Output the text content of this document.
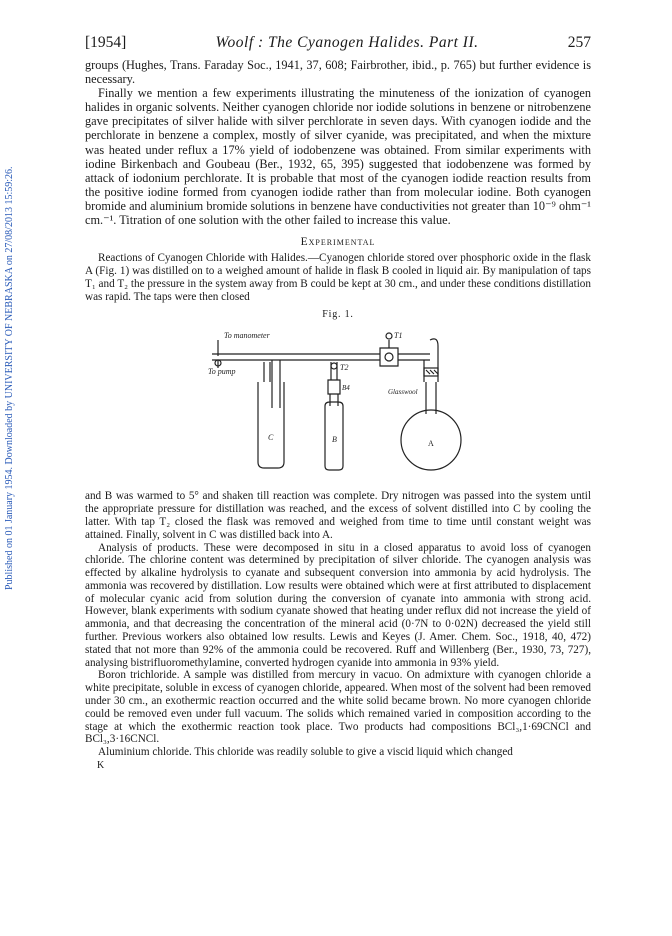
Published on 01 January 1954. Downloaded by UNIVERSITY OF NEBRASKA on 27/08/2013 15:59:26.
[1954]	Woolf : The Cyanogen Halides. Part II.	257

groups (Hughes, Trans. Faraday Soc., 1941, 37, 608; Fairbrother, ibid., p. 765) but further evidence is necessary.

Finally we mention a few experiments illustrating the minuteness of the ionization of cyanogen halides in organic solvents. Neither cyanogen chloride nor iodide solutions in benzene or nitrobenzene gave precipitates of silver halide with silver perchlorate in seven days. With cyanogen iodide and the perchlorate in benzene a complex, mostly of silver cyanide, was precipitated, and when the mixture was heated under reflux a 17% yield of iodobenzene was obtained. From similar experiments with iodine Birkenbach and Goubeau (Ber., 1932, 65, 395) suggested that iodobenzene was formed by attack of iodonium perchlorate. It is probable that most of the cyanogen iodide reaction results from the positive iodine formed from cyanogen iodide rather than from molecular iodine. Both cyanogen bromide and aluminium bromide solutions in benzene have conductivities not greater than 10⁻⁹ ohm⁻¹ cm.⁻¹. Titration of one solution with the other failed to increase this value.

Experimental

Reactions of Cyanogen Chloride with Halides.—Cyanogen chloride stored over phosphoric oxide in the flask A (Fig. 1) was distilled on to a weighed amount of halide in flask B cooled in liquid air. By manipulation of taps T₁ and T₂ the pressure in the system away from B could be kept at 30 cm., and under these conditions distillation was rapid. The taps were then closed

Fig. 1.
To manometer
To pump
T1
T2
B4	Glasswool
C	B	A

and B was warmed to 5° and shaken till reaction was complete. Dry nitrogen was passed into the system until the appropriate pressure for distillation was reached, and the excess of solvent distilled into C by cooling the latter. With tap T₂ closed the flask was removed and weighed from time to time until constant weight was attained. Finally, solvent in C was distilled back into A.

Analysis of products. These were decomposed in situ in a closed apparatus to avoid loss of cyanogen chloride. The chlorine content was determined by precipitation of silver chloride. The cyanogen analysis was effected by alkaline hydrolysis to cyanate and subsequent conversion into ammonia by acid hydrolysis. The ammonia was recovered by distillation. Low results were obtained which were at first attributed to displacement of molecular cyanic acid from solution during the conversion of cyanate into ammonia with strong acid. However, blank experiments with sodium cyanate showed that heating under reflux did not increase the yield of ammonia, and that decreasing the concentration of the mineral acid (0·7N to 0·02N) decreased the yield still further. Previous workers also obtained low results. Lewis and Keyes (J. Amer. Chem. Soc., 1918, 40, 472) stated that not more than 92% of the ammonia could be recovered. Ruff and Willenberg (Ber., 1930, 73, 727), analysing bistrifluoromethylamine, converted hydrogen cyanide into ammonia in 93% yield.

Boron trichloride. A sample was distilled from mercury in vacuo. On admixture with cyanogen chloride a white precipitate, soluble in excess of cyanogen chloride, appeared. When most of the solvent had been removed under 30 cm., an exothermic reaction occurred and the white solid became brown. No more cyanogen chloride could be removed even under full vacuum. The solids which remained varied in composition according to the stage at which the exothermic reaction took place. Two products had compositions BCl₃,1·69CNCl and BCl₃,3·16CNCl.

Aluminium chloride. This chloride was readily soluble to give a viscid liquid which changed

K
